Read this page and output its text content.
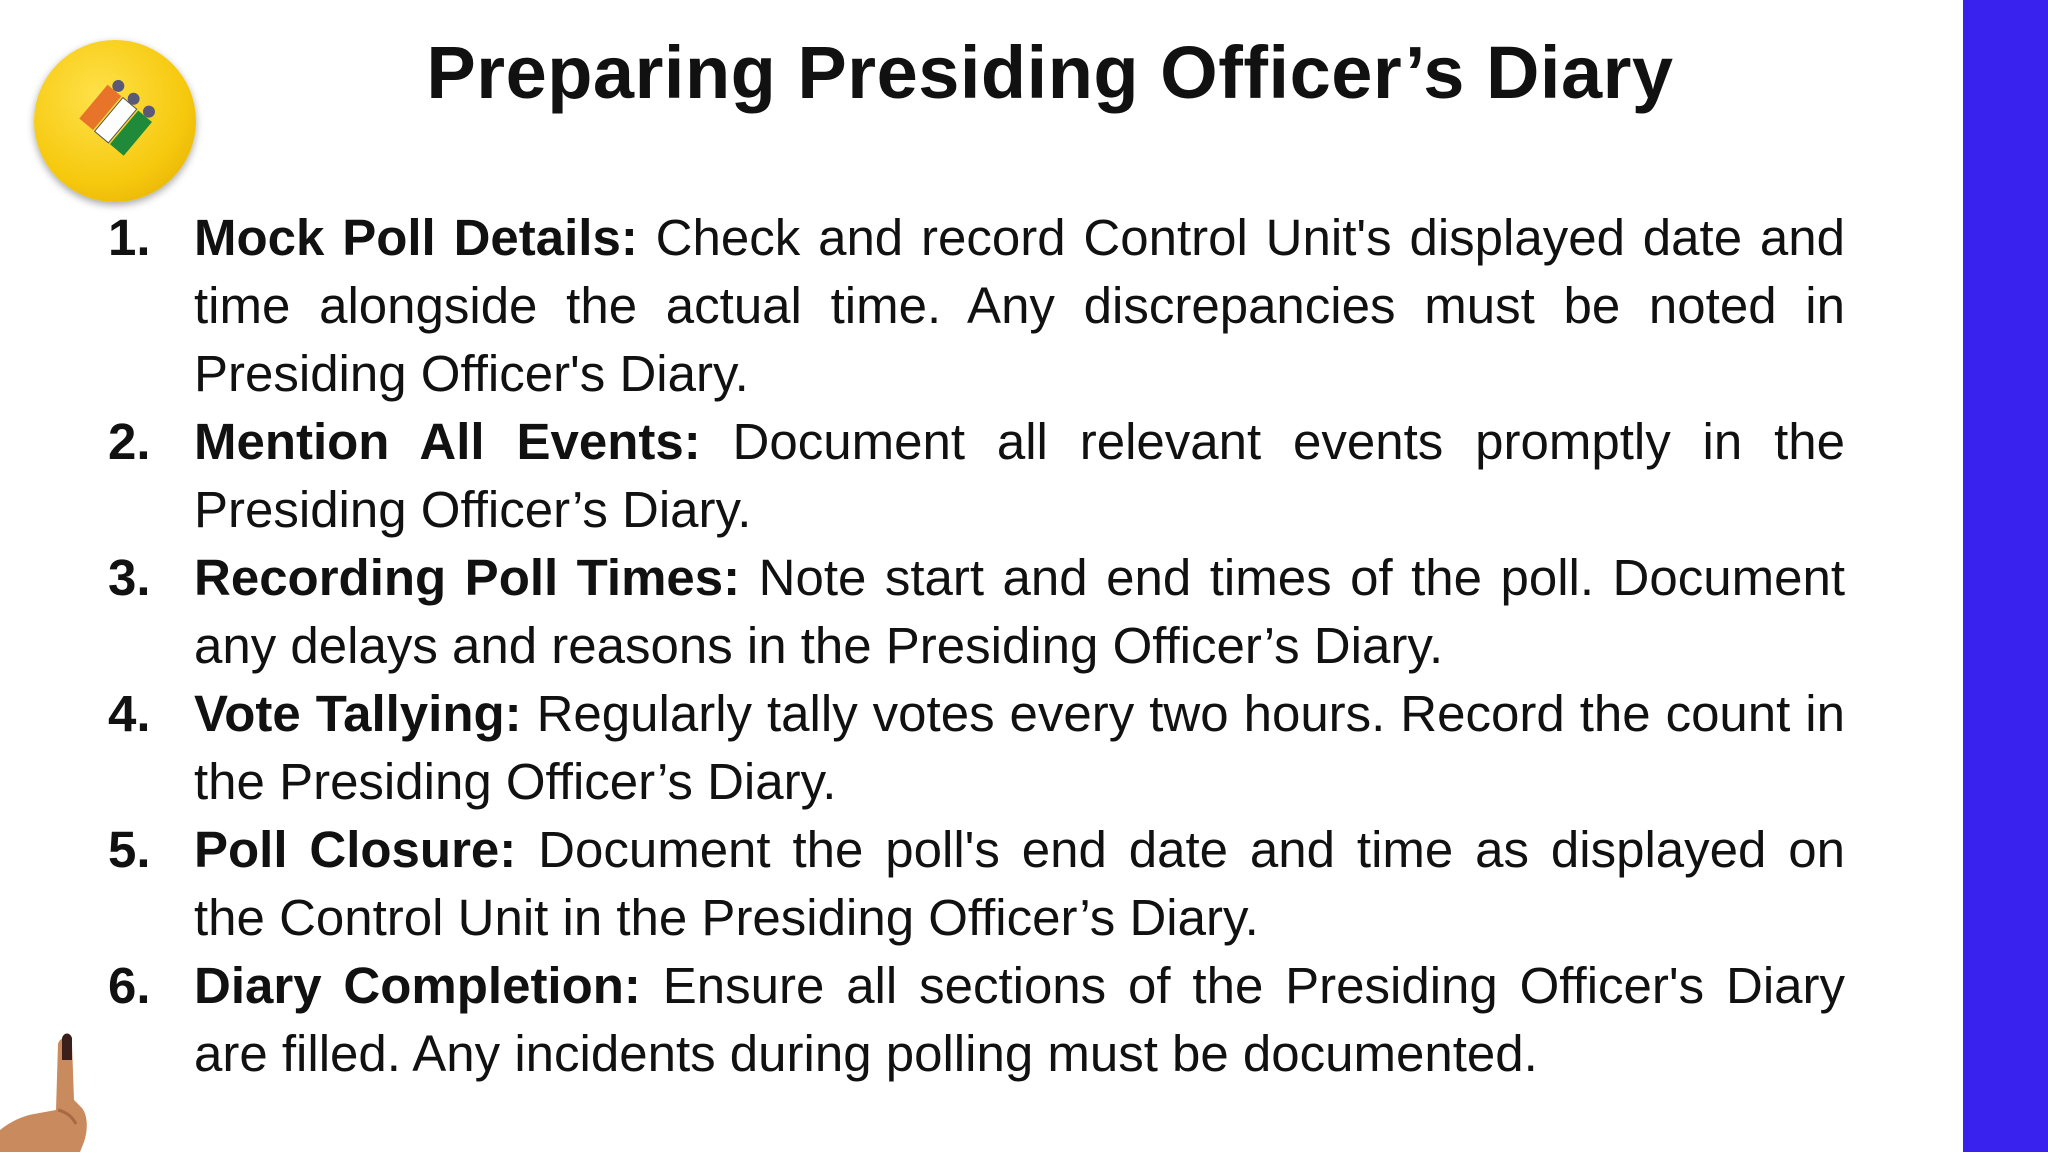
Preparing Presiding Officer’s Diary
1. Mock Poll Details: Check and record Control Unit's displayed date and time alongside the actual time. Any discrepancies must be noted in Presiding Officer's Diary.
2. Mention All Events: Document all relevant events promptly in the Presiding Officer’s Diary.
3. Recording Poll Times: Note start and end times of the poll. Document any delays and reasons in the Presiding Officer’s Diary.
4. Vote Tallying: Regularly tally votes every two hours. Record the count in the Presiding Officer’s Diary.
5. Poll Closure: Document the poll's end date and time as displayed on the Control Unit in the Presiding Officer’s Diary.
6. Diary Completion: Ensure all sections of the Presiding Officer's Diary are filled. Any incidents during polling must be documented.
